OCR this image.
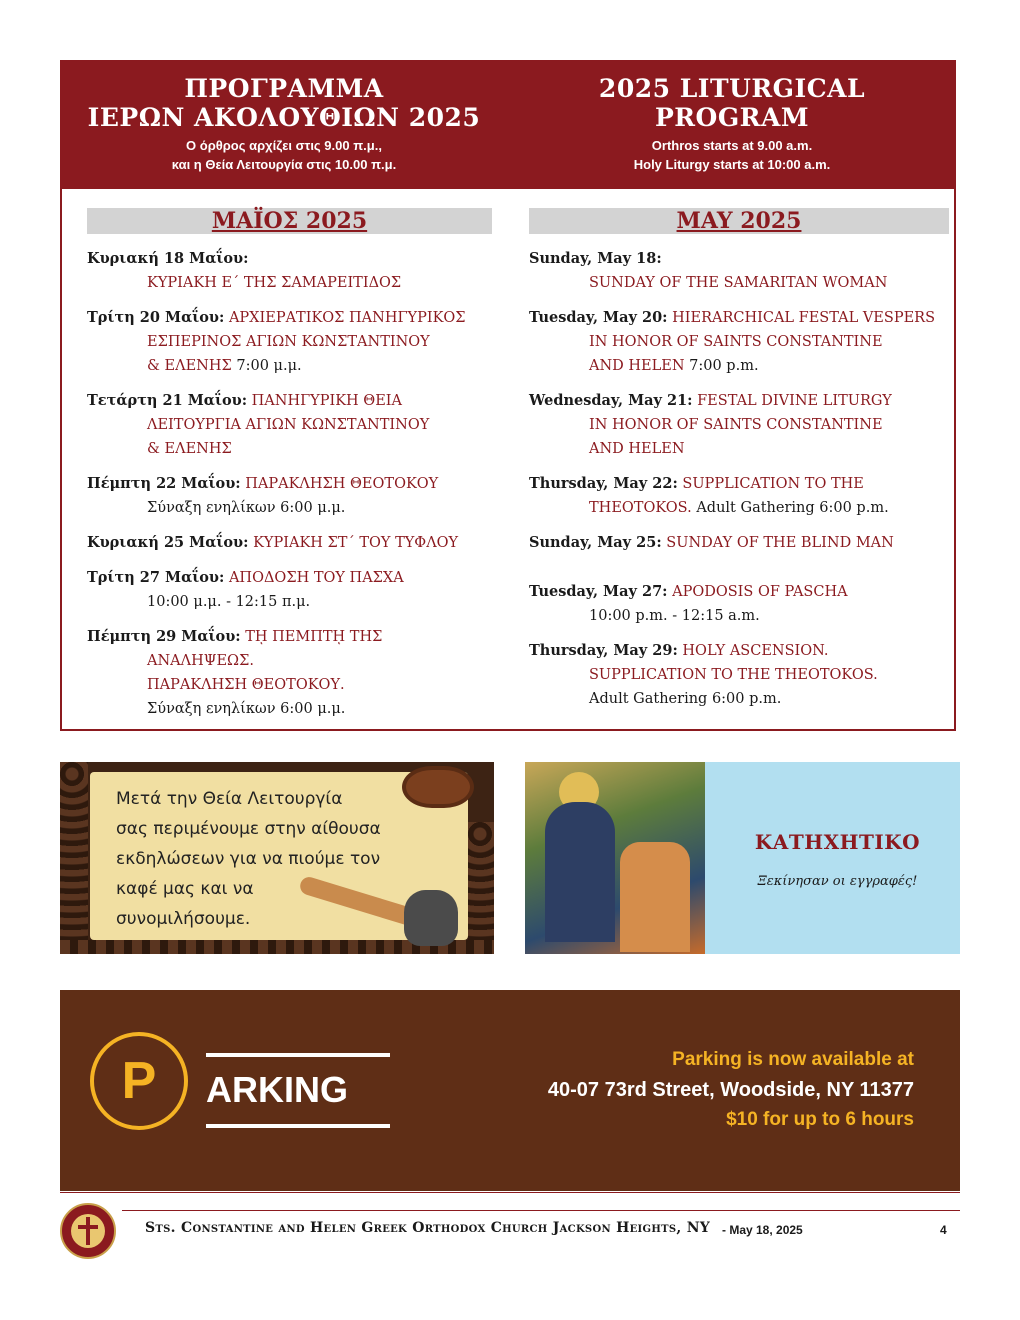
ΠΡΟΓΡΑΜΜΑ
ΙΕΡΩΝ ΑΚΟΛΟΥΘΙΩΝ 2025
Ο όρθρος αρχίζει στις 9.00 π.μ.,
και η Θεία Λειτουργία στις 10.00 π.μ.
2025 LITURGICAL
PROGRAM
Orthros starts at 9.00 a.m.
Holy Liturgy starts at 10:00 a.m.
ΜΑΪΟΣ 2025	MAY 2025
Κυριακή 18 Μαΐου:
ΚΥΡΙΑΚΗ Ε΄ ΤΗΣ ΣΑΜΑΡΕΙΤΙΔΟΣ
Τρίτη 20 Μαΐου: ΑΡΧΙΕΡΑΤΙΚΟΣ ΠΑΝΗΓΥΡΙΚΟΣ
ΕΣΠΕΡΙΝΟΣ ΑΓΙΩΝ ΚΩΝΣΤΑΝΤΙΝΟΥ
& ΕΛΕΝΗΣ 7:00 μ.μ.
Τετάρτη 21 Μαΐου: ΠΑΝΗΓΥΡΙΚΗ ΘΕΙΑ
ΛΕΙΤΟΥΡΓΙΑ ΑΓΙΩΝ ΚΩΝΣΤΑΝΤΙΝΟΥ
& ΕΛΕΝΗΣ
Πέμπτη 22 Μαΐου: ΠΑΡΑΚΛΗΣΗ ΘΕΟΤΟΚΟΥ
Σύναξη ενηλίκων 6:00 μ.μ.
Κυριακή 25 Μαΐου: ΚΥΡΙΑΚΗ ΣΤ΄ ΤΟΥ ΤΥΦΛΟΥ
Τρίτη 27 Μαΐου: ΑΠΟΔΟΣΗ ΤΟΥ ΠΑΣΧΑ
10:00 μ.μ. - 12:15 π.μ.
Πέμπτη 29 Μαΐου: Τῌ ΠΕΜΠΤῌ ΤΗΣ
ΑΝΑΛΗΨΕΩΣ.
ΠΑΡΑΚΛΗΣΗ ΘΕΟΤΟΚΟΥ.
Σύναξη ενηλίκων 6:00 μ.μ.
Sunday, May 18:
SUNDAY OF THE SAMARITAN WOMAN
Tuesday, May 20: HIERARCHICAL FESTAL VESPERS
IN HONOR OF SAINTS CONSTANTINE
AND HELEN 7:00 p.m.
Wednesday, May 21: FESTAL DIVINE LITURGY
IN HONOR OF SAINTS CONSTANTINE
AND HELEN
Thursday, May 22: SUPPLICATION TO THE
THEOTOKOS. Adult Gathering 6:00 p.m.
Sunday, May 25: SUNDAY OF THE BLIND MAN
Tuesday, May 27: APODOSIS OF PASCHA
10:00 p.m. - 12:15 a.m.
Thursday, May 29: HOLY ASCENSION.
SUPPLICATION TO THE THEOTOKOS.
Adult Gathering 6:00 p.m.
Μετά την Θεία Λειτουργία
σας περιμένουμε στην αίθουσα
εκδηλώσεων για να πιούμε τον
καφέ μας και να
συνομιλήσουμε.
ΚΑΤΗΧΗΤΙΚΟ
Ξεκίνησαν οι εγγραφές!
P	ARKING
Parking is now available at
40-07 73rd Street, Woodside, NY 11377
$10 for up to 6 hours
Sts. Constantine and Helen Greek Orthodox Church Jackson Heights, NY - May 18, 2025	4
